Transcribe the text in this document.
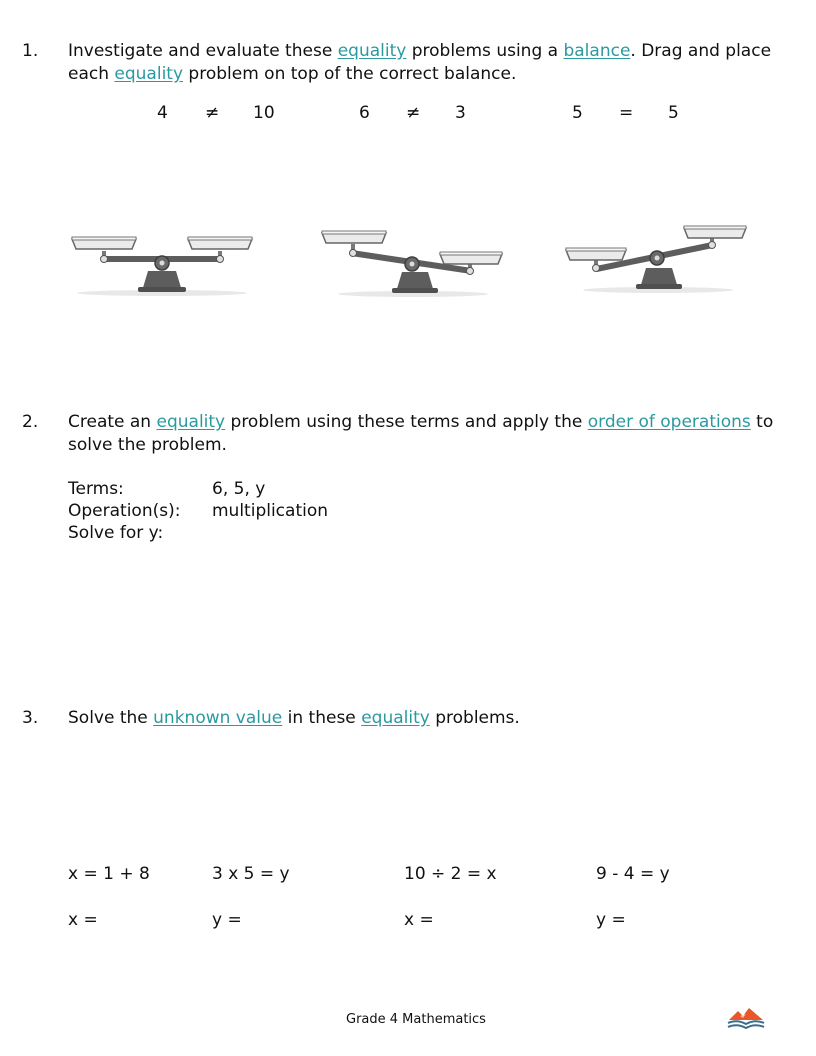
1. Investigate and evaluate these equality problems using a balance. Drag and place
each equality problem on top of the correct balance.
4 ≠ 10	6 ≠ 3	5 = 5
2. Create an equality problem using these terms and apply the order of operations to
solve the problem.
Terms:	6, 5, y
Operation(s): multiplication
Solve for y:
3. Solve the unknown value in these equality problems.
x = 1 + 8	3 x 5 = y	10 ÷ 2 = x	9 - 4 = y
x =	y =	x =	y =
Grade 4 Mathematics
